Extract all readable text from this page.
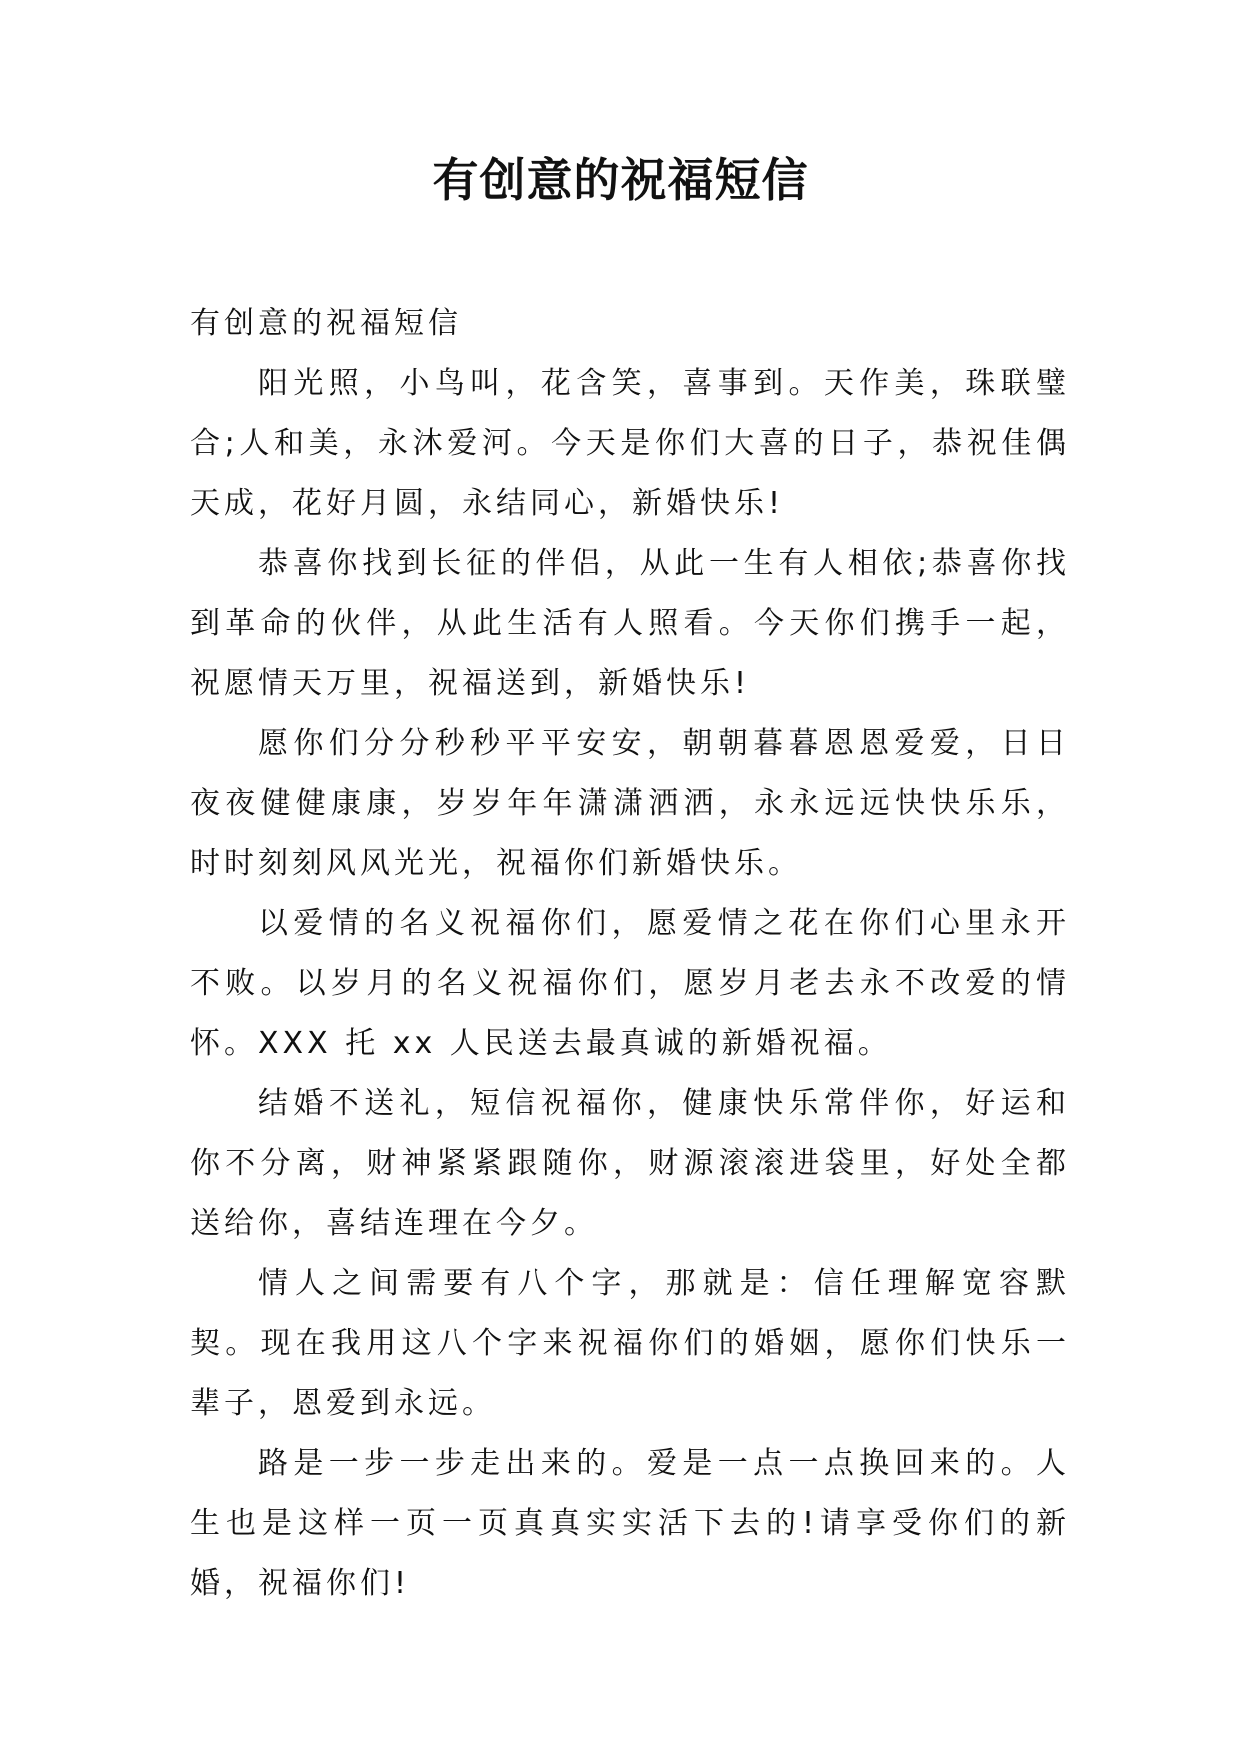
有创意的祝福短信

有创意的祝福短信

阳光照，小鸟叫，花含笑，喜事到。天作美，珠联璧合;人和美，永沐爱河。今天是你们大喜的日子，恭祝佳偶天成，花好月圆，永结同心，新婚快乐!

恭喜你找到长征的伴侣，从此一生有人相依;恭喜你找到革命的伙伴，从此生活有人照看。今天你们携手一起，祝愿情天万里，祝福送到，新婚快乐!

愿你们分分秒秒平平安安，朝朝暮暮恩恩爱爱，日日夜夜健健康康，岁岁年年潇潇洒洒，永永远远快快乐乐，时时刻刻风风光光，祝福你们新婚快乐。

以爱情的名义祝福你们，愿爱情之花在你们心里永开不败。以岁月的名义祝福你们，愿岁月老去永不改爱的情怀。XXX 托 xx 人民送去最真诚的新婚祝福。

结婚不送礼，短信祝福你，健康快乐常伴你，好运和你不分离，财神紧紧跟随你，财源滚滚进袋里，好处全都送给你，喜结连理在今夕。

情人之间需要有八个字，那就是：信任理解宽容默契。现在我用这八个字来祝福你们的婚姻，愿你们快乐一辈子，恩爱到永远。

路是一步一步走出来的。爱是一点一点换回来的。人生也是这样一页一页真真实实活下去的!请享受你们的新婚，祝福你们!
